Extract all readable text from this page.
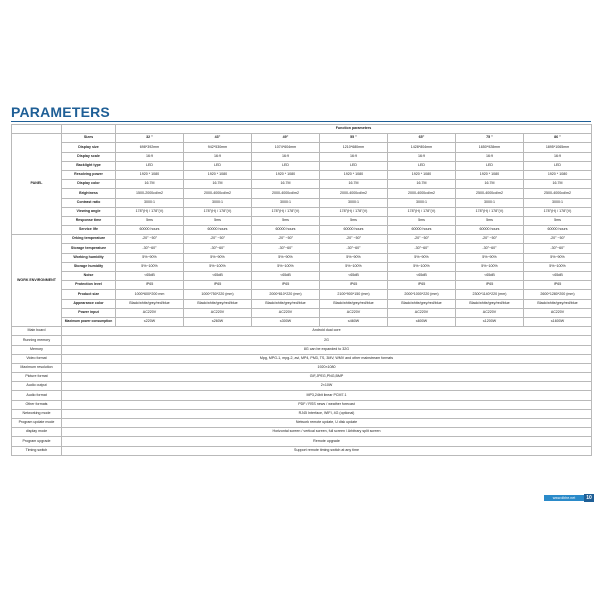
PARAMETERS
		Function parameters						
PANEL	Sizes	32 "	43"	49"	55 "	65"	75 "	86 "
	Display size	698*392mm	942*530mm	1074*604mm	1210*680mm	1428*804mm	1650*928mm	1895*1065mm
	Display scale	16:9	16:9	16:9	16:9	16:9	16:9	16:9
	Backlight type	LED	LED	LED	LED	LED	LED	LED
	Resolving power	1920 * 1080	1920 * 1080	1920 * 1080	1920 * 1080	1920 * 1080	1920 * 1080	1920 * 1080
	Display color	16.7M	16.7M	16.7M	16.7M	16.7M	16.7M	16.7M
	Brightness	1500-2000cd/m2	2000-4000cd/m2	2000-4000cd/m2	2000-4000cd/m2	2000-4000cd/m2	2500-4000cd/m2	2500-4000cd/m2
	Contrast ratio	3000:1	3000:1	3000:1	3000:1	3000:1	3000:1	3000:1
	Viewing angle	178°(H) / 178°(V)	178°(H) / 178°(V)	178°(H) / 178°(V)	178°(H) / 178°(V)	178°(H) / 178°(V)	178°(H) / 178°(V)	178°(H) / 178°(V)
	Response time	5ms	5ms	5ms	5ms	5ms	5ms	5ms
	Service life	60000 hours	60000 hours	60000 hours	60000 hours	60000 hours	60000 hours	60000 hours
WORK ENVIRONMENT	Orking temperature	-20° ~50°	-20° ~50°	-20° ~50°	-20° ~50°	-20° ~50°	-20° ~50°	-20° ~50°
	Storage temperature	-30°~60°	-30°~60°	-30°~60°	-30°~60°	-30°~60°	-30°~60°	-30°~60°
	Working humidity	5%~90%	5%~90%	5%~90%	5%~90%	5%~90%	5%~90%	5%~90%
	Storage humidity	5%~100%	5%~100%	5%~100%	5%~100%	5%~100%	5%~100%	5%~100%
	Noise	<65dB	<65dB	<65dB	<65dB	<65dB	<65dB	<65dB
	Protection level	IP65	IP65	IP65	IP65	IP65	IP65	IP65
	Product size	1000*600*200 mm	1000*750*220 (mm)	2000*810*220 (mm)	2100*900*150 (mm)	2000*1000*220 (mm)	2300*1140*220 (mm)	2600*1280*200 (mm)
	Appearance color	Black/white/grey/red/blue	Black/white/grey/red/blue	Black/white/grey/red/blue	Black/white/grey/red/blue	Black/white/grey/red/blue	Black/white/grey/red/blue	Black/white/grey/red/blue
	Power input	AC220V	AC220V	AC220V	AC220V	AC220V	AC220V	AC220V
	Maximum power consumption	≤220W	≤260W	≤300W	≤460W	≤600W	≤1200W	≤1600W
Main board	Android dual core							
Running memory	2G							
Memory	8G can be expanded to 32G							
Video format	Mpg, MPG-1, mpg-2, avi, MP4, PM3, TS, 3MV, WMV and other mainstream formats							
Maximum resolution	1920×1080							
Picture format	GIF,JPEG,PNG,BMP							
Audio output	2×10W							
Audio format	MP3,24bit linear PCM7.1							
Other formats	PDF / RSS news / weather forecast							
Networking mode	RJ45 Interface, WIFI, 4G (optional)							
Program update mode	Network remote update, U disk update							
display mode	Horizontal screen / vertical screen, full screen / Arbitrary split screen							
Program upgrade	Remote upgrade							
Timing switch	Support remote timing switch at any time							
www.dbhe.net	10
